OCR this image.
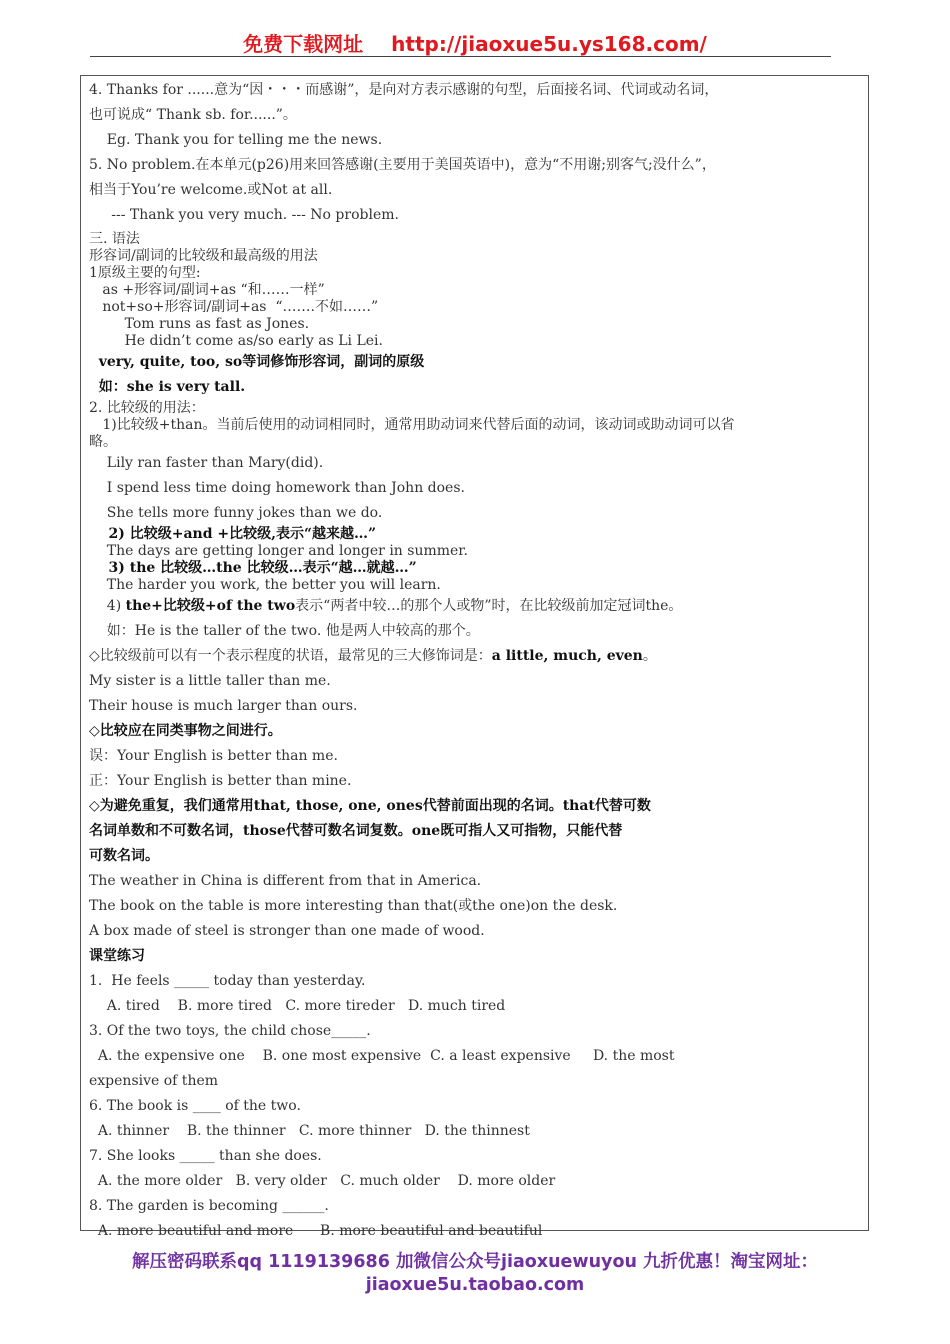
免费下载网址 http://jiaoxue5u.ys168.com/
4. Thanks for ......意为“因・・・而感谢”，是向对方表示感谢的句型，后面接名词、代词或动名词，
也可说成“ Thank sb. for......”。
Eg. Thank you for telling me the news.
5. No problem.在本单元(p26)用来回答感谢(主要用于美国英语中)，意为“不用谢;别客气;没什么”，
相当于You’re welcome.或Not at all.
--- Thank you very much. --- No problem.
三. 语法
形容词/副词的比较级和最高级的用法
1原级主要的句型:
as +形容词/副词+as “和……一样”
not+so+形容词/副词+as  “…….不如……”
Tom runs as fast as Jones.
He didn’t come as/so early as Li Lei.
very, quite, too, so等词修饰形容词，副词的原级
如：she is very tall.
2. 比较级的用法：
1)比较级+than。当前后使用的动词相同时，通常用助动词来代替后面的动词，该动词或助动词可以省
略。
Lily ran faster than Mary(did).
I spend less time doing homework than John does.
She tells more funny jokes than we do.
2) 比较级+and +比较级,表示“越来越…”
The days are getting longer and longer in summer.
3) the 比较级…the 比较级…表示“越…就越…”
The harder you work, the better you will learn.
4) the+比较级+of the two表示“两者中较…的那个人或物”时，在比较级前加定冠词the。
如：He is the taller of the two. 他是两人中较高的那个。
◇比较级前可以有一个表示程度的状语，最常见的三大修饰词是：a little, much, even。
My sister is a little taller than me.
Their house is much larger than ours.
◇比较应在同类事物之间进行。
误：Your English is better than me.
正：Your English is better than mine.
◇为避免重复，我们通常用that, those, one, ones代替前面出现的名词。that代替可数
名词单数和不可数名词，those代替可数名词复数。one既可指人又可指物，只能代替
可数名词。
The weather in China is different from that in America.
The book on the table is more interesting than that(或the one)on the desk.
A box made of steel is stronger than one made of wood.
课堂练习
1.  He feels _____ today than yesterday.
A. tired    B. more tired   C. more tireder   D. much tired
3. Of the two toys, the child chose_____.
A. the expensive one    B. one most expensive  C. a least expensive     D. the most
expensive of them
6. The book is ____ of the two.
A. thinner    B. the thinner   C. more thinner   D. the thinnest
7. She looks _____ than she does.
A. the more older   B. very older   C. much older    D. more older
8. The garden is becoming ______.
A. more beautiful and more      B. more beautiful and beautiful
解压密码联系qq 1119139686 加微信公众号jiaoxuewuyou 九折优惠！淘宝网址：
jiaoxue5u.taobao.com
